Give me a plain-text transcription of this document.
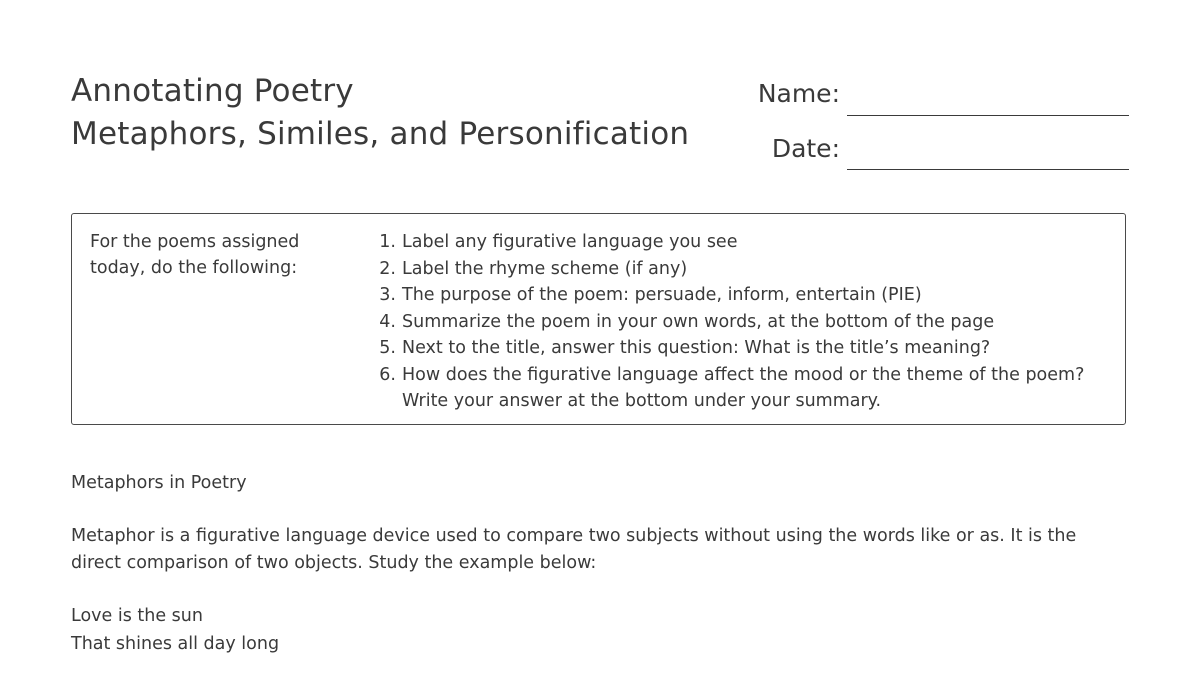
Annotating Poetry
Metaphors, Similes, and Personification
Name:
Date:
For the poems assigned today, do the following:
1. Label any figurative language you see
2. Label the rhyme scheme (if any)
3. The purpose of the poem: persuade, inform, entertain (PIE)
4. Summarize the poem in your own words, at the bottom of the page
5. Next to the title, answer this question: What is the title’s meaning?
6. How does the figurative language affect the mood or the theme of the poem? Write your answer at the bottom under your summary.
Metaphors in Poetry
Metaphor is a figurative language device used to compare two subjects without using the words like or as. It is the direct comparison of two objects. Study the example below:
Love is the sun
That shines all day long
